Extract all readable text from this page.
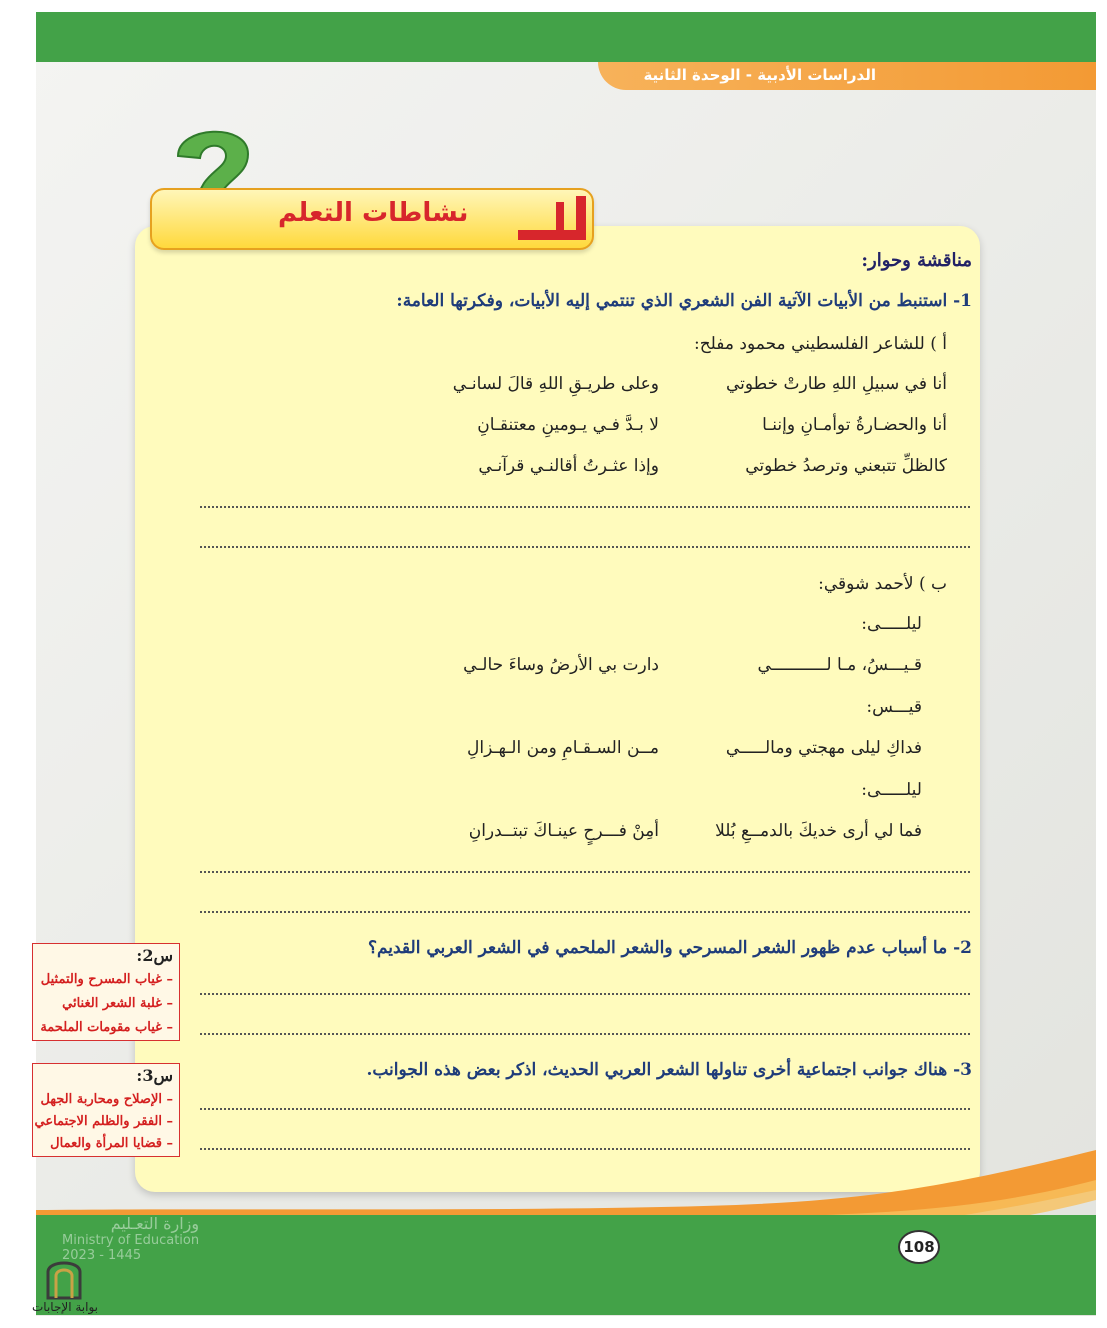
الدراسات الأدبية - الوحدة الثانية
نشاطات التعلم
مناقشة وحوار:
1- استنبط من الأبيات الآتية الفن الشعري الذي تنتمي إليه الأبيات، وفكرتها العامة:
أ ) للشاعر الفلسطيني محمود مفلح:
أنا في سبيلِ اللهِ طارتْ خطوتي
وعلى طريـقِ اللهِ قالَ لسانـي
أنا والحضـارةُ توأمـانِ وإننـا
لا بـدَّ فـي يـومينِ معتنقـانِ
كالظلِّ تتبعني وترصدُ خطوتي
وإذا عثـرتُ أقالنـي قرآنـي
ب ) لأحمد شوقي:
ليلـــــى:
قـيـــسُ، مـا لـــــــــــي
دارت بي الأرضُ وساءَ حالـي
قيـــس:
فداكِ ليلى مهجتي ومالـــــي
مــن السـقـامِ ومن الـهـزالِ
ليلـــــى:
فما لي أرى خديكَ بالدمــعِ بُللا
أمِنْ فـــرحٍ عينـاكَ تبتــدرانِ
2- ما أسباب عدم ظهور الشعر المسرحي والشعر الملحمي في الشعر العربي القديم؟
3- هناك جوانب اجتماعية أخرى تناولها الشعر العربي الحديث، اذكر بعض هذه الجوانب.
س2:
– غياب المسرح والتمثيل
– غلبة الشعر الغنائي
– غياب مقومات الملحمة
س3:
– الإصلاح ومحاربة الجهل
– الفقر والظلم الاجتماعي
– قضايا المرأة والعمال
108
وزارة التعـليم
Ministry of Education
2023 - 1445
بوابة الإجابات
